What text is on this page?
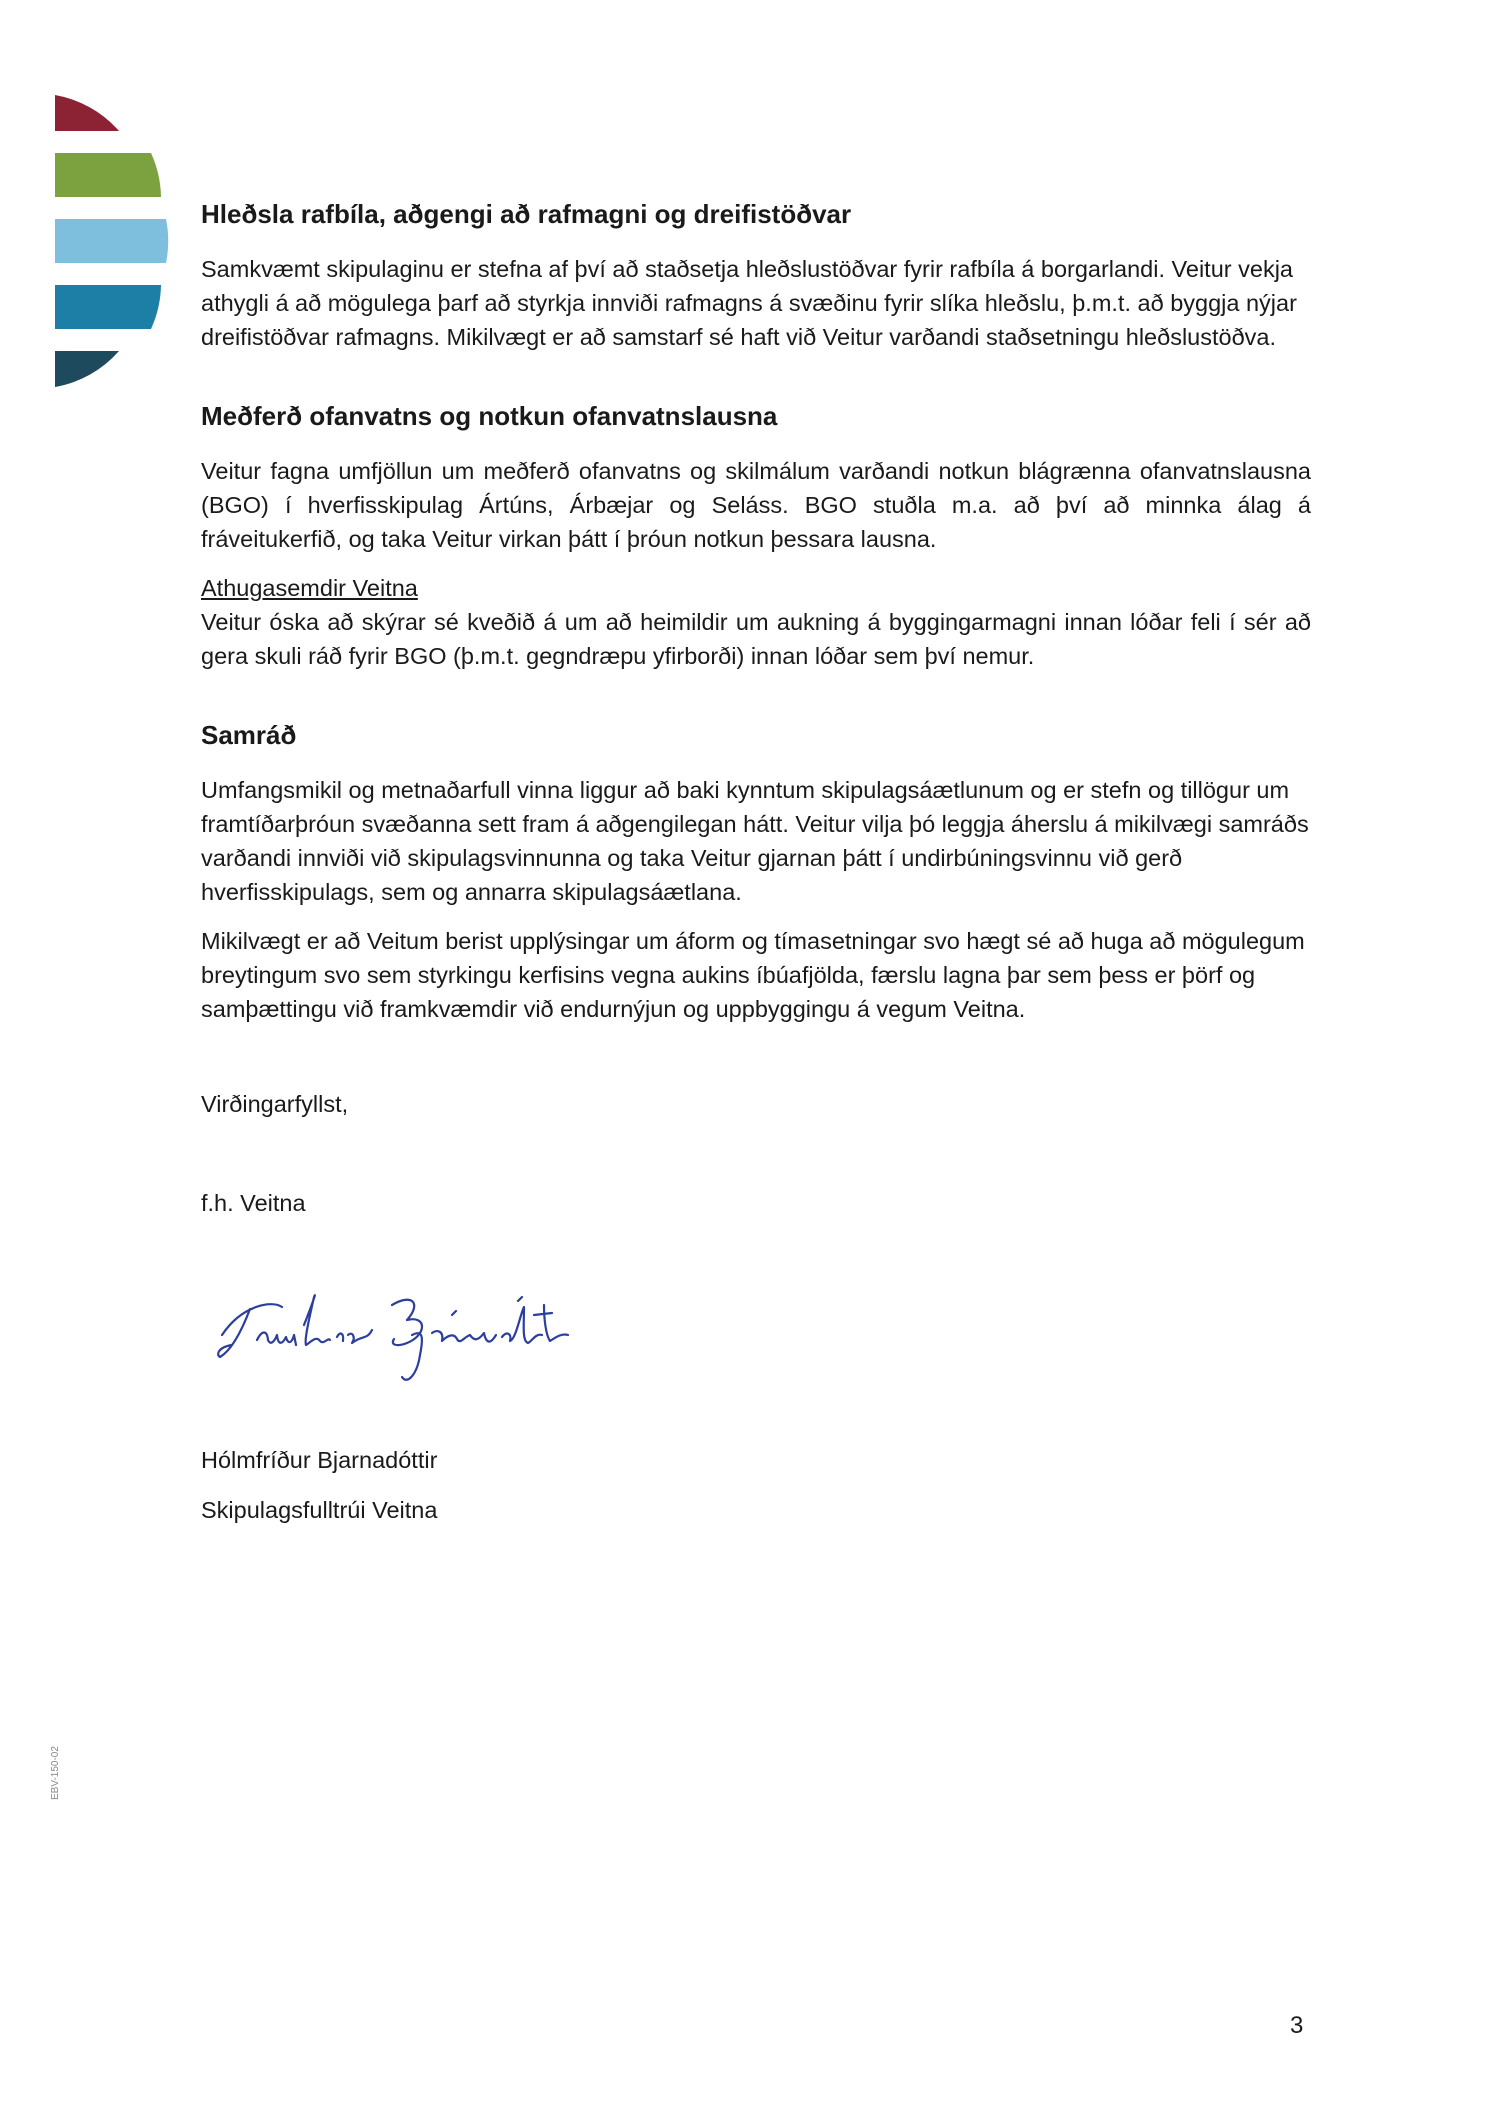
Hleðsla rafbíla, aðgengi að rafmagni og dreifistöðvar

Samkvæmt skipulaginu er stefna af því að staðsetja hleðslustöðvar fyrir rafbíla á borgarlandi. Veitur vekja athygli á að mögulega þarf að styrkja innviði rafmagns á svæðinu fyrir slíka hleðslu, þ.m.t. að byggja nýjar dreifistöðvar rafmagns. Mikilvægt er að samstarf sé haft við Veitur varðandi staðsetningu hleðslustöðva.

Meðferð ofanvatns og notkun ofanvatnslausna

Veitur fagna umfjöllun um meðferð ofanvatns og skilmálum varðandi notkun blágrænna ofanvatnslausna (BGO) í hverfisskipulag Ártúns, Árbæjar og Seláss. BGO stuðla m.a. að því að minnka álag á fráveitukerfið, og taka Veitur virkan þátt í þróun notkun þessara lausna.

Athugasemdir Veitna

Veitur óska að skýrar sé kveðið á um að heimildir um aukning á byggingarmagni innan lóðar feli í sér að gera skuli ráð fyrir BGO (þ.m.t. gegndræpu yfirborði) innan lóðar sem því nemur.

Samráð

Umfangsmikil og metnaðarfull vinna liggur að baki kynntum skipulagsáætlunum og er stefn og tillögur um framtíðarþróun svæðanna sett fram á aðgengilegan hátt. Veitur vilja þó leggja áherslu á mikilvægi samráðs varðandi innviði við skipulagsvinnunna og taka Veitur gjarnan þátt í undirbúningsvinnu við gerð hverfisskipulags, sem og annarra skipulagsáætlana.

Mikilvægt er að Veitum berist upplýsingar um áform og tímasetningar svo hægt sé að huga að mögulegum breytingum svo sem styrkingu kerfisins vegna aukins íbúafjölda, færslu lagna þar sem þess er þörf og samþættingu við framkvæmdir við endurnýjun og uppbyggingu á vegum Veitna.

Virðingarfyllst,
f.h. Veitna
Hólmfríður Bjarnadóttir
Skipulagsfulltrúi Veitna
EBV-150-02
3
